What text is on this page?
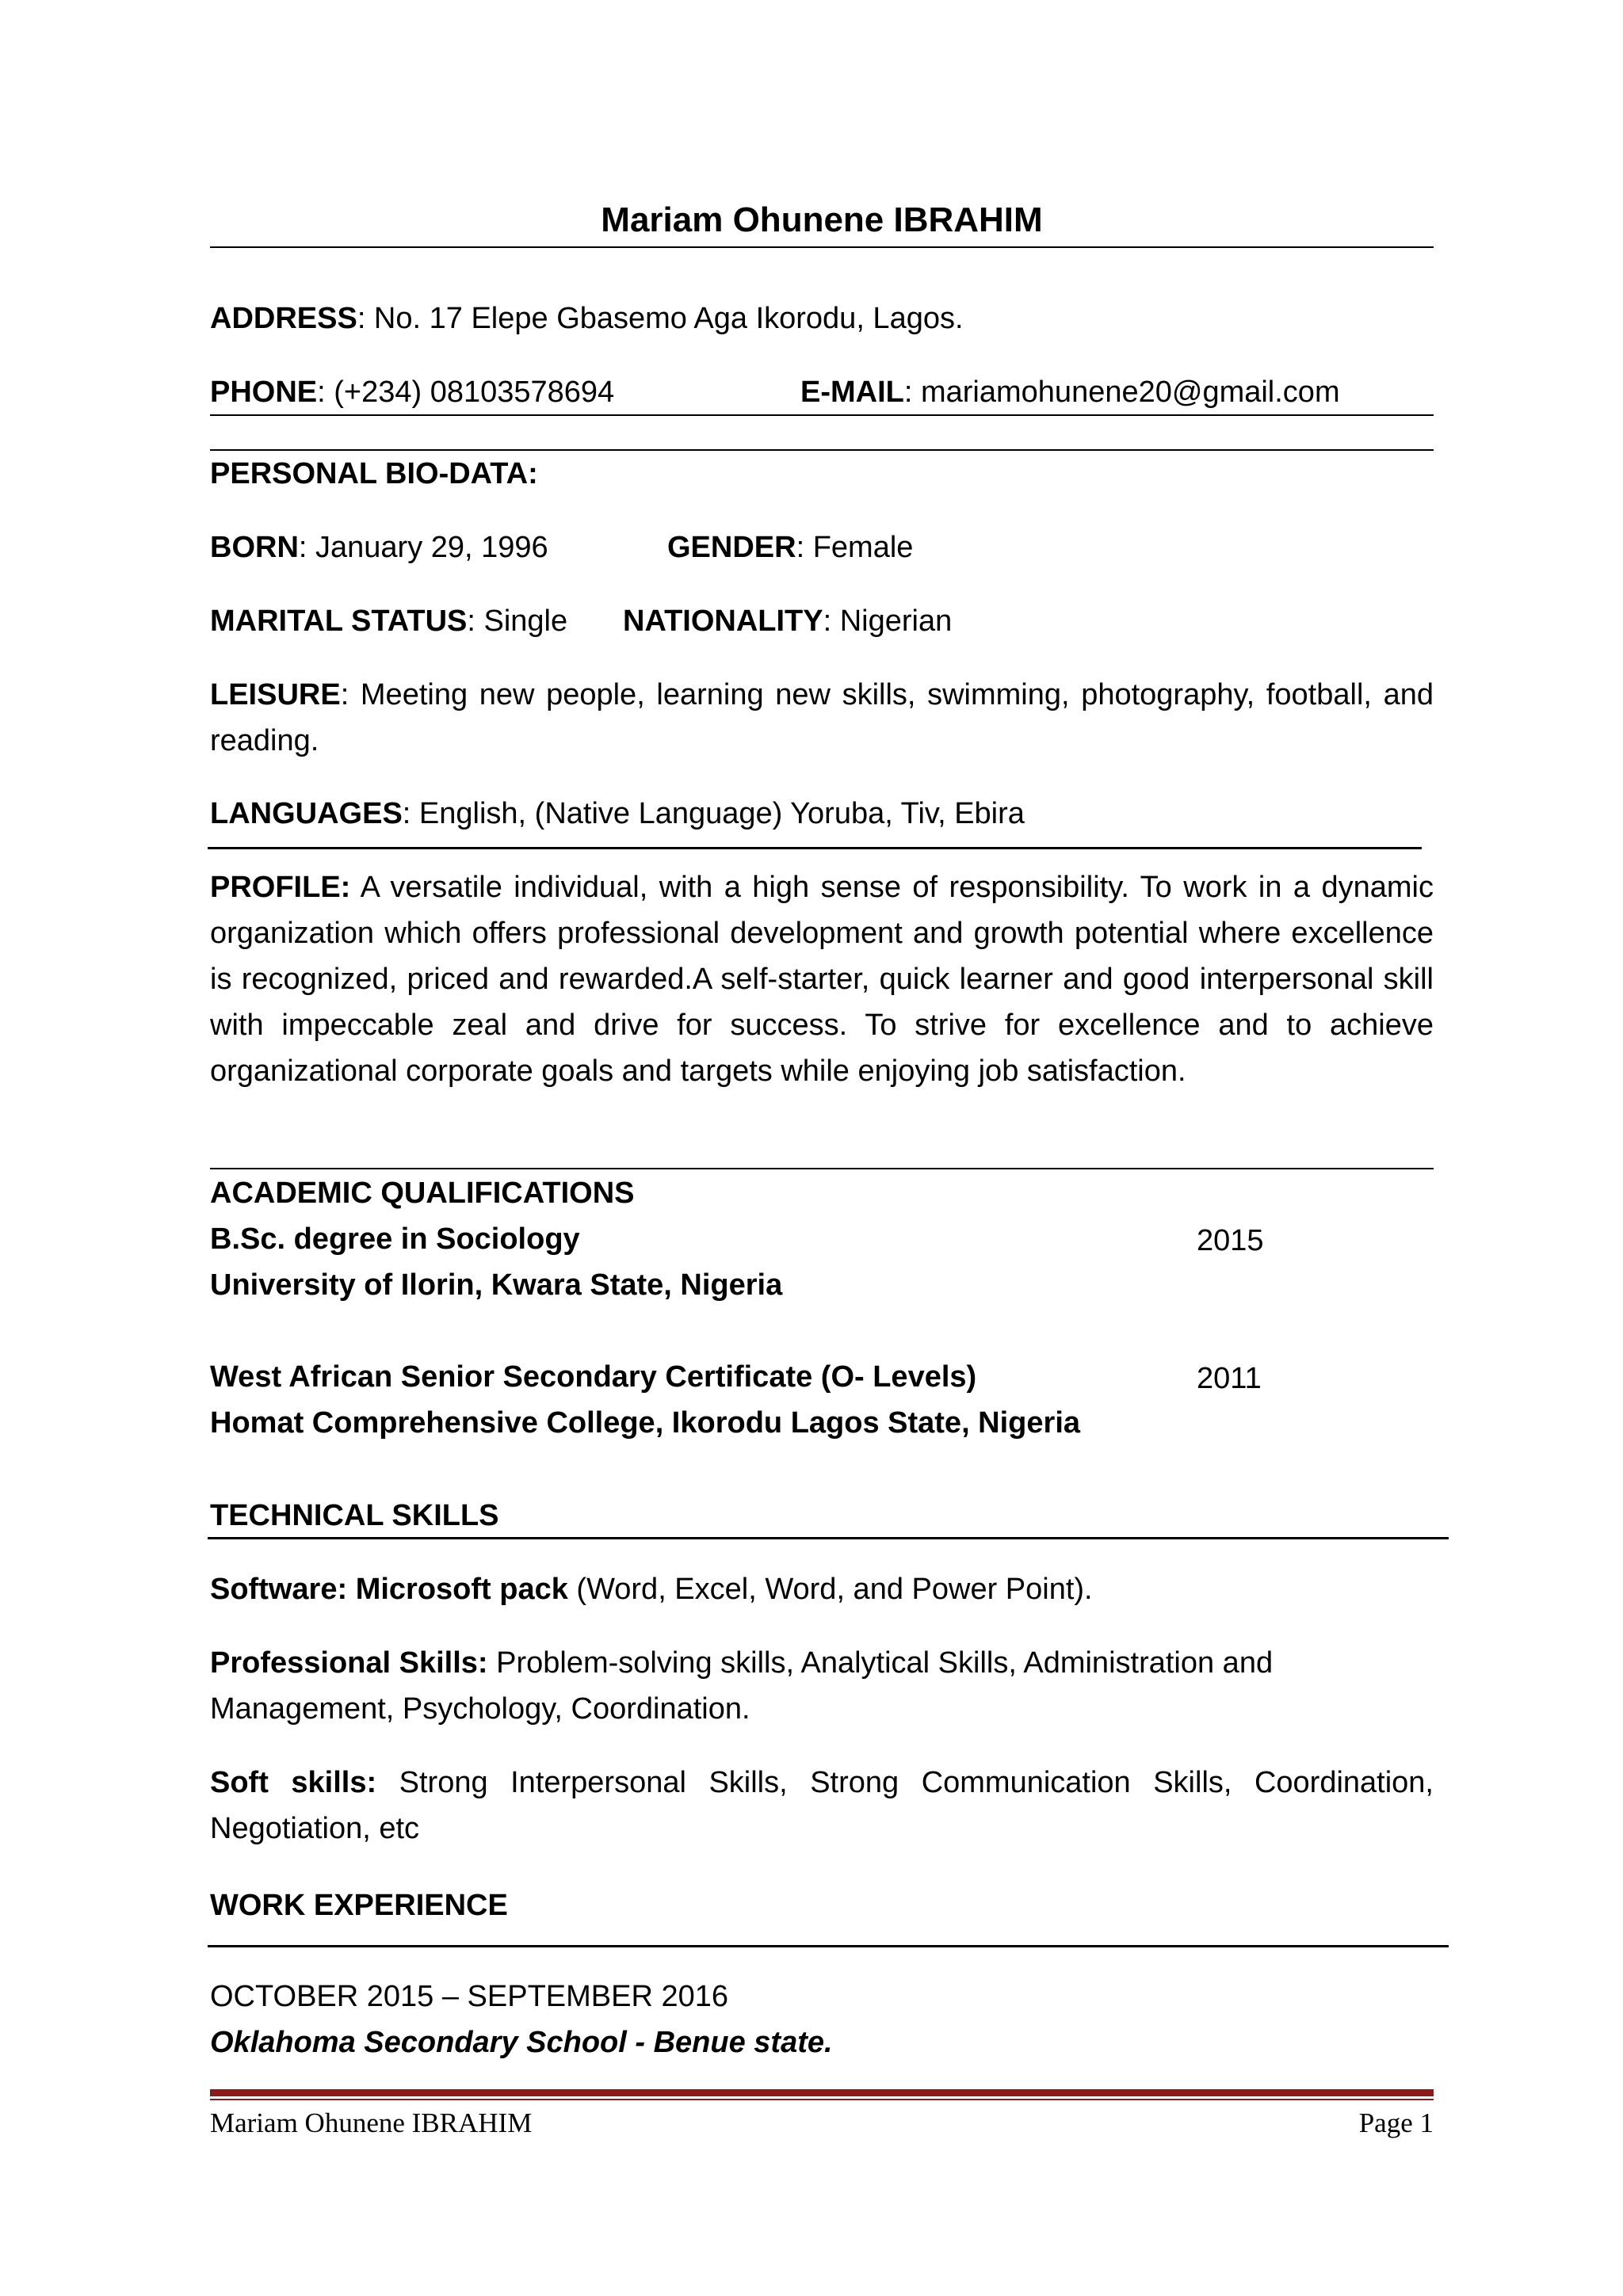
Mariam Ohunene IBRAHIM
ADDRESS: No. 17 Elepe Gbasemo Aga Ikorodu, Lagos.
PHONE: (+234) 08103578694	E-MAIL: mariamohunene20@gmail.com
PERSONAL BIO-DATA:
BORN: January 29, 1996	GENDER: Female
MARITAL STATUS: Single NATIONALITY: Nigerian
LEISURE: Meeting new people, learning new skills, swimming, photography, football, and reading.
LANGUAGES: English, (Native Language) Yoruba, Tiv, Ebira
PROFILE: A versatile individual, with a high sense of responsibility. To work in a dynamic organization which offers professional development and growth potential where excellence is recognized, priced and rewarded.A self-starter, quick learner and good interpersonal skill with impeccable zeal and drive for success. To strive for excellence and to achieve organizational corporate goals and targets while enjoying job satisfaction.
ACADEMIC QUALIFICATIONS
B.Sc. degree in Sociology	2015
University of Ilorin, Kwara State, Nigeria
West African Senior Secondary Certificate (O- Levels)	2011
Homat Comprehensive College, Ikorodu Lagos State, Nigeria
TECHNICAL SKILLS
Software: Microsoft pack (Word, Excel, Word, and Power Point).
Professional Skills: Problem-solving skills, Analytical Skills, Administration and Management, Psychology, Coordination.
Soft skills: Strong Interpersonal Skills, Strong Communication Skills, Coordination, Negotiation, etc
WORK EXPERIENCE
OCTOBER 2015 – SEPTEMBER 2016
Oklahoma Secondary School - Benue state.
Mariam Ohunene IBRAHIM	Page 1
